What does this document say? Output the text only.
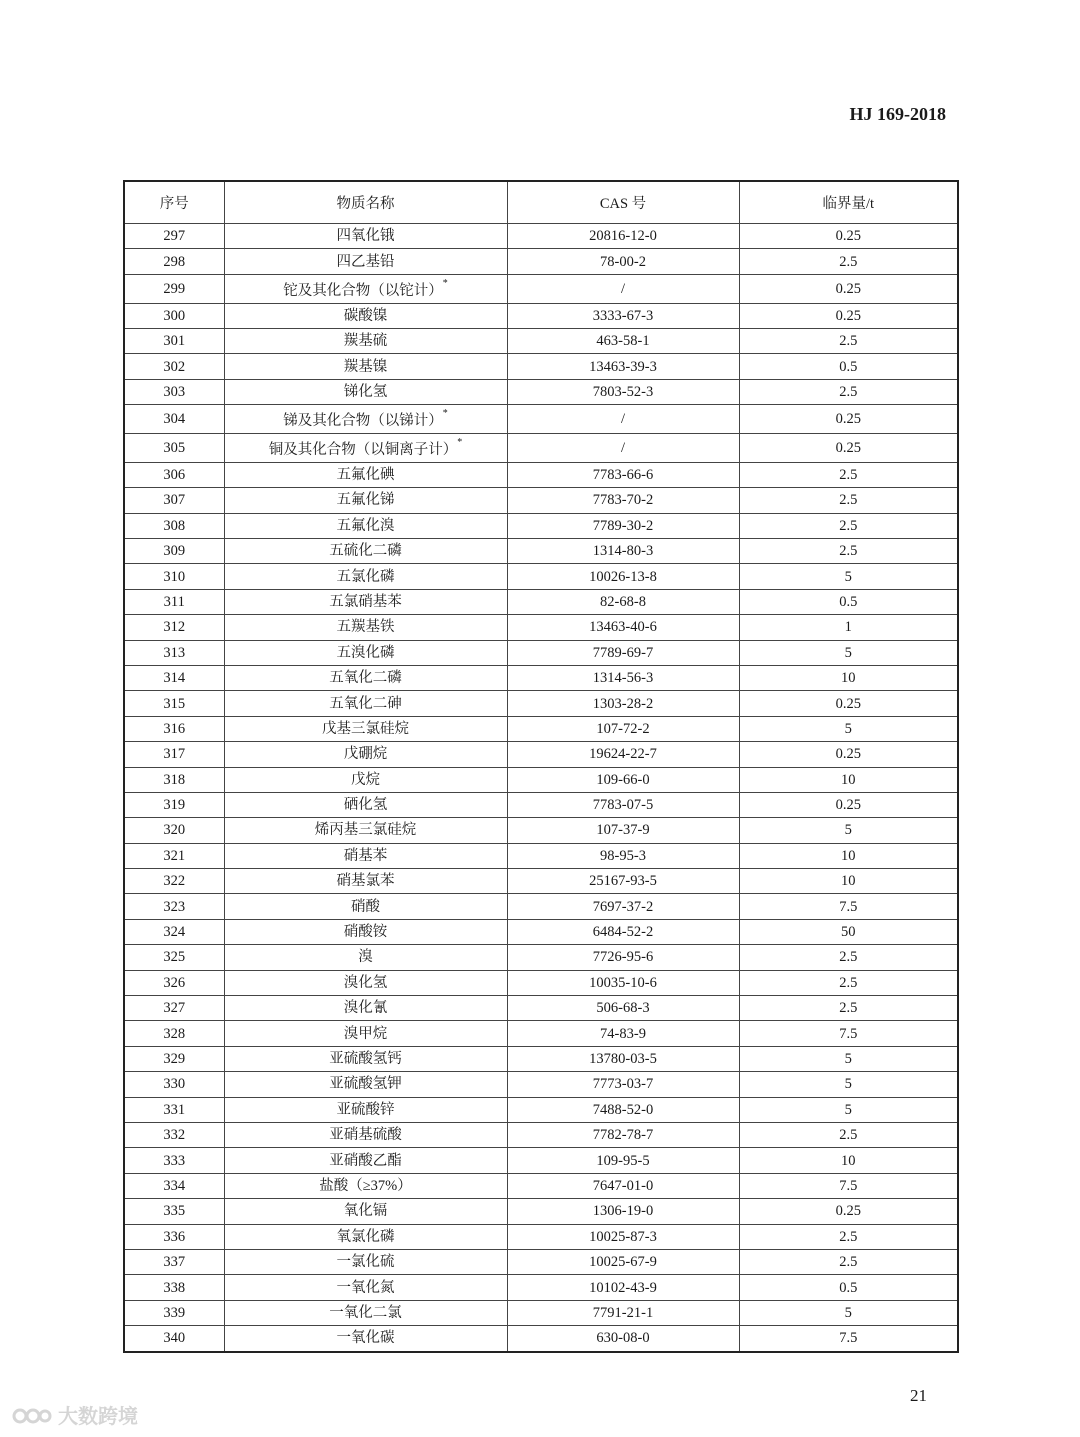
HJ 169-2018
序号	物质名称	CAS 号	临界量/t
297	四氧化锇	20816-12-0	0.25
298	四乙基铅	78-00-2	2.5
299	铊及其化合物（以铊计）*	/	0.25
300	碳酸镍	3333-67-3	0.25
301	羰基硫	463-58-1	2.5
302	羰基镍	13463-39-3	0.5
303	锑化氢	7803-52-3	2.5
304	锑及其化合物（以锑计）*	/	0.25
305	铜及其化合物（以铜离子计）*	/	0.25
306	五氟化碘	7783-66-6	2.5
307	五氟化锑	7783-70-2	2.5
308	五氟化溴	7789-30-2	2.5
309	五硫化二磷	1314-80-3	2.5
310	五氯化磷	10026-13-8	5
311	五氯硝基苯	82-68-8	0.5
312	五羰基铁	13463-40-6	1
313	五溴化磷	7789-69-7	5
314	五氧化二磷	1314-56-3	10
315	五氧化二砷	1303-28-2	0.25
316	戊基三氯硅烷	107-72-2	5
317	戊硼烷	19624-22-7	0.25
318	戊烷	109-66-0	10
319	硒化氢	7783-07-5	0.25
320	烯丙基三氯硅烷	107-37-9	5
321	硝基苯	98-95-3	10
322	硝基氯苯	25167-93-5	10
323	硝酸	7697-37-2	7.5
324	硝酸铵	6484-52-2	50
325	溴	7726-95-6	2.5
326	溴化氢	10035-10-6	2.5
327	溴化氰	506-68-3	2.5
328	溴甲烷	74-83-9	7.5
329	亚硫酸氢钙	13780-03-5	5
330	亚硫酸氢钾	7773-03-7	5
331	亚硫酸锌	7488-52-0	5
332	亚硝基硫酸	7782-78-7	2.5
333	亚硝酸乙酯	109-95-5	10
334	盐酸（≥37%）	7647-01-0	7.5
335	氧化镉	1306-19-0	0.25
336	氧氯化磷	10025-87-3	2.5
337	一氯化硫	10025-67-9	2.5
338	一氧化氮	10102-43-9	0.5
339	一氧化二氯	7791-21-1	5
340	一氧化碳	630-08-0	7.5
21
大数跨境
